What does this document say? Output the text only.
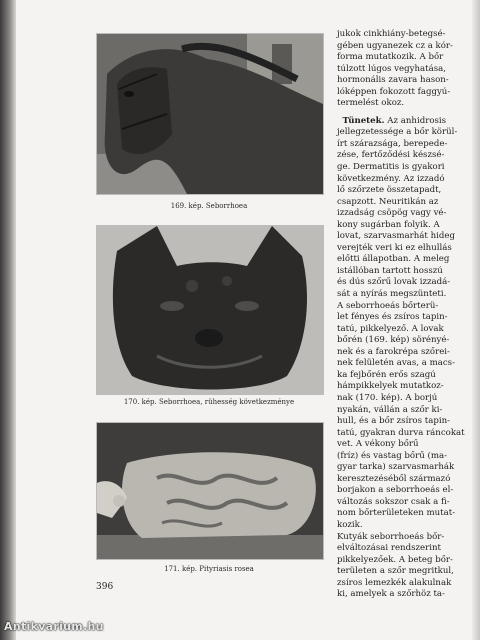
169. kép. Seborrhoea
170. kép. Seborrhoea, rühesség következménye
171. kép. Pityriasis rosea

jukok cinkhiány-betegsé-
gében ugyanezek cz a kór-
forma mutatkozik. A bőr
túlzott lúgos vegyhatása,
hormonális zavara hason-
lóképpen fokozott faggyú-
termelést okoz.

Tünetek. Az anhidrosis
jellegzetessége a bőr körül-
írt szárazsága, berepede-
zése, fertőződési készsé-
ge. Dermatitis is gyakori
következmény. Az izzadó
lő szőrzete összetapadt,
csapzott. Neuritikán az
izzadság csöpög vagy vé-
kony sugárban folyik. A
lovat, szarvasmarhát hideg
verejték veri ki ez elhullás
előtti állapotban. A meleg
istállóban tartott hosszú
és dús szőrű lovak izzadá-
sát a nyírás megszünteti.
A seborrhoeás bőrterü-
let fényes és zsíros tapin-
tatú, pikkelyező. A lovak
bőrén (169. kép) sörényé-
nek és a farokrépa szőrei-
nek felületén avas, a macs-
ka fejbőrén erős szagú
hámpikkelyek mutatkoz-
nak (170. kép). A borjú
nyakán, vállán a szőr ki-
hull, és a bőr zsíros tapin-
tatú, gyakran durva ráncokat
vet. A vékony bőrű
(fríz) és vastag bőrű (ma-
gyar tarka) szarvasmarhák
keresztezéséből származó
borjakon a seborrhoeás el-
változás sokszor csak a fi-
nom bőrterületeken mutat-
kozik.
Kutyák seborrhoeás bőr-
elváltozásai rendszerint
pikkelyezőek. A beteg bőr-
területen a szőr megritkul,
zsíros lemezkék alakulnak
ki, amelyek a szőrhöz ta-

396
Antikvarium.hu
